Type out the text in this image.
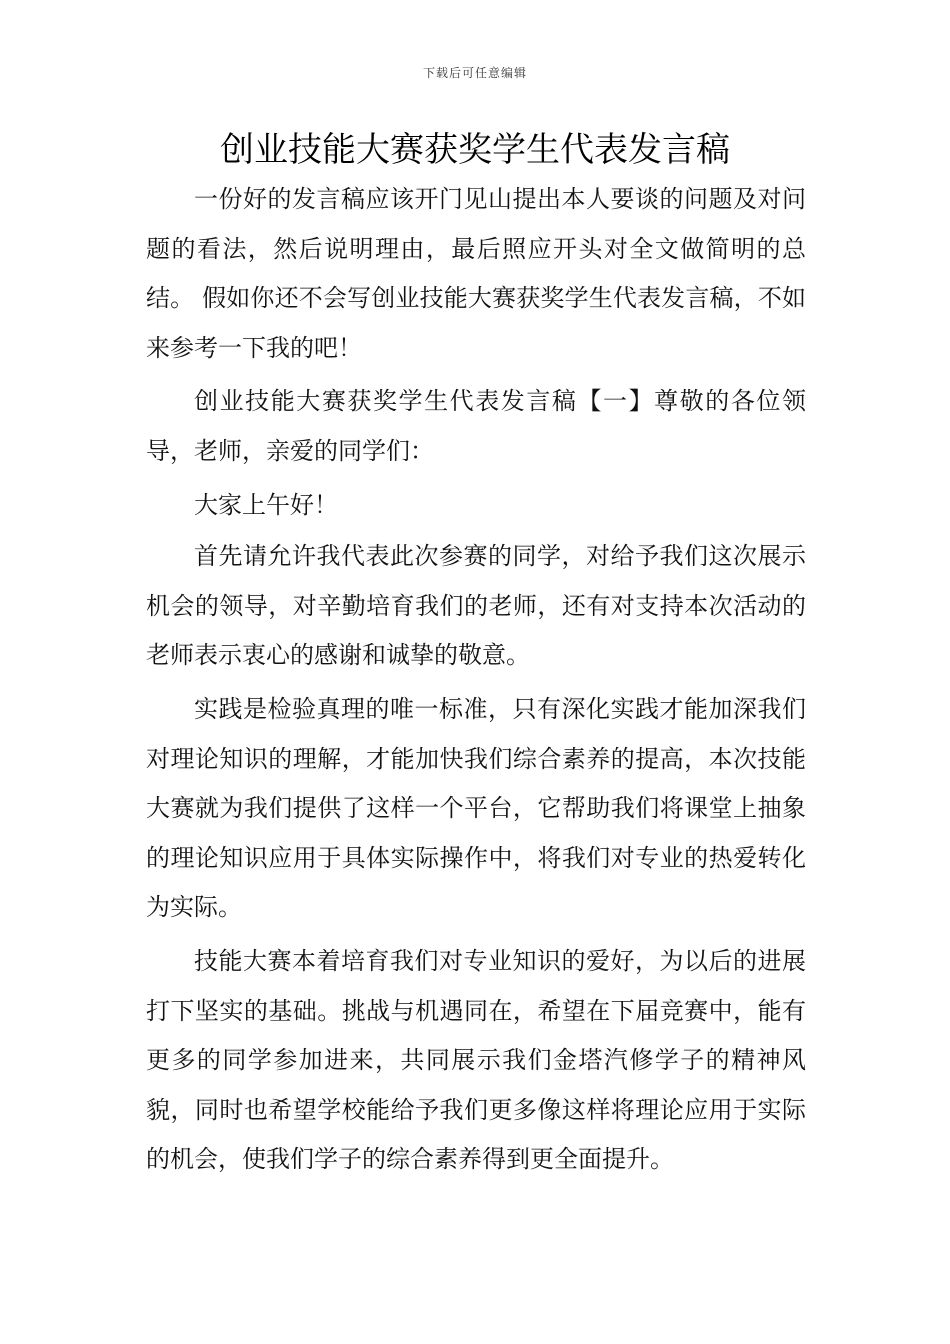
下载后可任意编辑
创业技能大赛获奖学生代表发言稿

一份好的发言稿应该开门见山提出本人要谈的问题及对问题的看法，然后说明理由，最后照应开头对全文做简明的总结。 假如你还不会写创业技能大赛获奖学生代表发言稿，不如来参考一下我的吧！

创业技能大赛获奖学生代表发言稿【一】尊敬的各位领导，老师，亲爱的同学们：

大家上午好！

首先请允许我代表此次参赛的同学，对给予我们这次展示机会的领导，对辛勤培育我们的老师，还有对支持本次活动的老师表示衷心的感谢和诚挚的敬意。

实践是检验真理的唯一标准，只有深化实践才能加深我们对理论知识的理解，才能加快我们综合素养的提高，本次技能大赛就为我们提供了这样一个平台，它帮助我们将课堂上抽象的理论知识应用于具体实际操作中，将我们对专业的热爱转化为实际。

技能大赛本着培育我们对专业知识的爱好，为以后的进展打下坚实的基础。挑战与机遇同在，希望在下届竞赛中，能有更多的同学参加进来，共同展示我们金塔汽修学子的精神风貌，同时也希望学校能给予我们更多像这样将理论应用于实际的机会，使我们学子的综合素养得到更全面提升。
